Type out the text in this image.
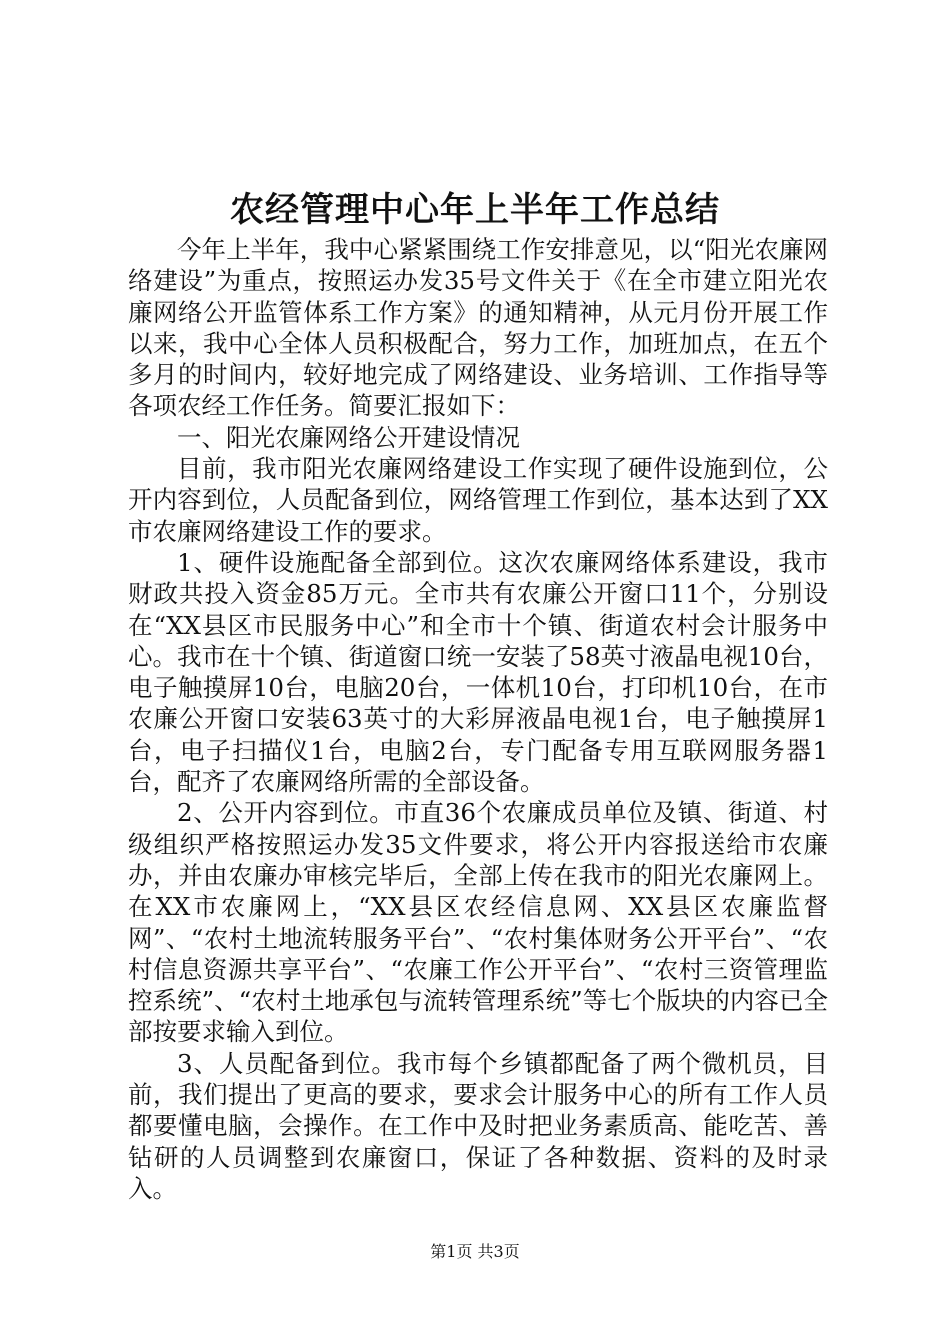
农经管理中心年上半年工作总结

今年上半年，我中心紧紧围绕工作安排意见，以“阳光农廉网络建设”为重点，按照运办发35号文件关于《在全市建立阳光农廉网络公开监管体系工作方案》的通知精神，从元月份开展工作以来，我中心全体人员积极配合，努力工作，加班加点，在五个多月的时间内，较好地完成了网络建设、业务培训、工作指导等各项农经工作任务。简要汇报如下：

一、阳光农廉网络公开建设情况

目前，我市阳光农廉网络建设工作实现了硬件设施到位，公开内容到位，人员配备到位，网络管理工作到位，基本达到了XX市农廉网络建设工作的要求。

1、硬件设施配备全部到位。这次农廉网络体系建设，我市财政共投入资金85万元。全市共有农廉公开窗口11个，分别设在“XX县区市民服务中心”和全市十个镇、街道农村会计服务中心。我市在十个镇、街道窗口统一安装了58英寸液晶电视10台，电子触摸屏10台，电脑20台，一体机10台，打印机10台，在市农廉公开窗口安装63英寸的大彩屏液晶电视1台，电子触摸屏1台，电子扫描仪1台，电脑2台，专门配备专用互联网服务器1台，配齐了农廉网络所需的全部设备。

2、公开内容到位。市直36个农廉成员单位及镇、街道、村级组织严格按照运办发35文件要求，将公开内容报送给市农廉办，并由农廉办审核完毕后，全部上传在我市的阳光农廉网上。在XX市农廉网上，“XX县区农经信息网、XX县区农廉监督网”、“农村土地流转服务平台”、“农村集体财务公开平台”、“农村信息资源共享平台”、“农廉工作公开平台”、“农村三资管理监控系统”、“农村土地承包与流转管理系统”等七个版块的内容已全部按要求输入到位。

3、人员配备到位。我市每个乡镇都配备了两个微机员，目前，我们提出了更高的要求，要求会计服务中心的所有工作人员都要懂电脑，会操作。在工作中及时把业务素质高、能吃苦、善钻研的人员调整到农廉窗口，保证了各种数据、资料的及时录入。

第1页 共3页
